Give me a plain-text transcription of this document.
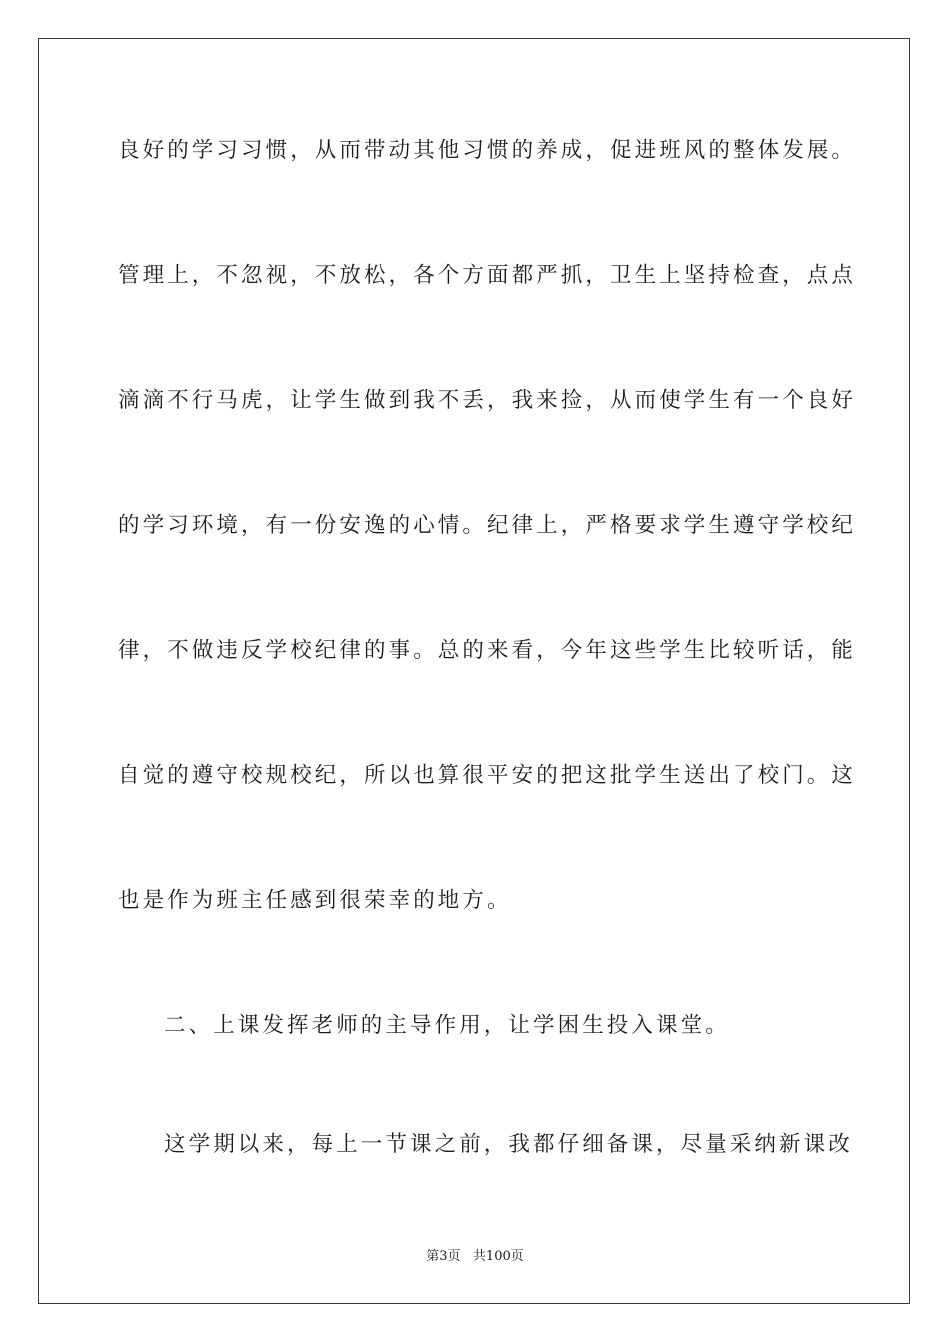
良好的学习习惯，从而带动其他习惯的养成，促进班风的整体发展。
管理上，不忽视，不放松，各个方面都严抓，卫生上坚持检查，点点
滴滴不行马虎，让学生做到我不丢，我来捡，从而使学生有一个良好
的学习环境，有一份安逸的心情。纪律上，严格要求学生遵守学校纪
律，不做违反学校纪律的事。总的来看，今年这些学生比较听话，能
自觉的遵守校规校纪，所以也算很平安的把这批学生送出了校门。这
也是作为班主任感到很荣幸的地方。
二、上课发挥老师的主导作用，让学困生投入课堂。
这学期以来，每上一节课之前，我都仔细备课，尽量采纳新课改
第3页   共100页
